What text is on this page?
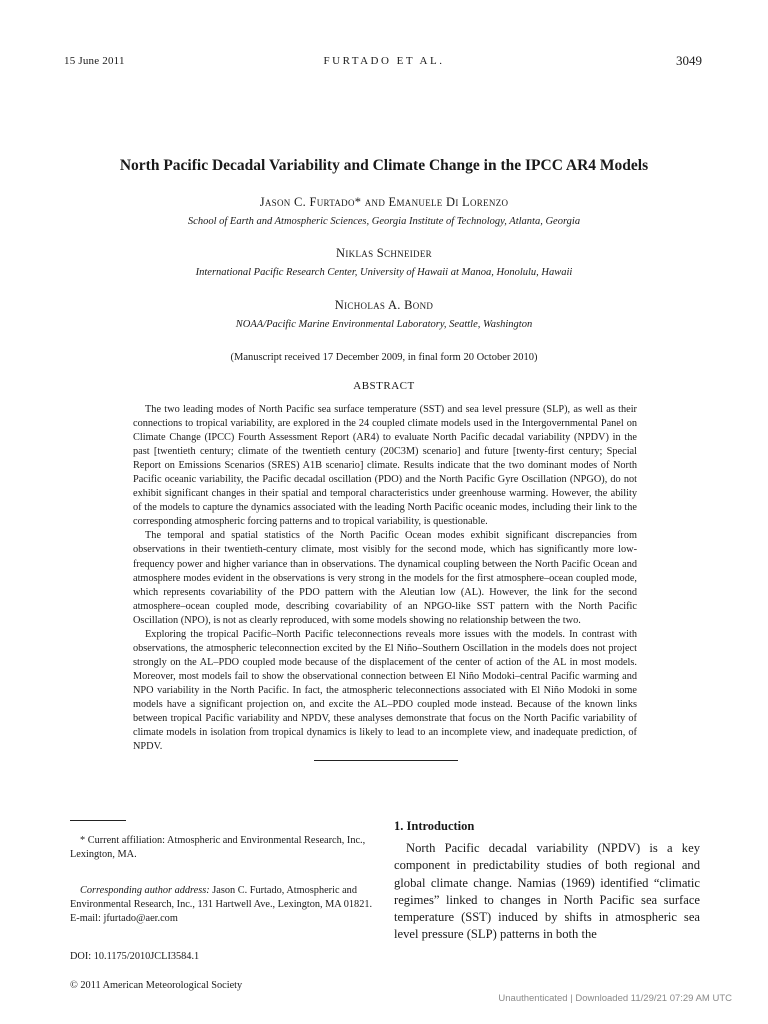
15 June 2011	FURTADO ET AL.	3049
North Pacific Decadal Variability and Climate Change in the IPCC AR4 Models
Jason C. Furtado* and Emanuele Di Lorenzo
School of Earth and Atmospheric Sciences, Georgia Institute of Technology, Atlanta, Georgia
Niklas Schneider
International Pacific Research Center, University of Hawaii at Manoa, Honolulu, Hawaii
Nicholas A. Bond
NOAA/Pacific Marine Environmental Laboratory, Seattle, Washington
(Manuscript received 17 December 2009, in final form 20 October 2010)
ABSTRACT

The two leading modes of North Pacific sea surface temperature (SST) and sea level pressure (SLP), as well as their connections to tropical variability, are explored in the 24 coupled climate models used in the Intergovernmental Panel on Climate Change (IPCC) Fourth Assessment Report (AR4) to evaluate North Pacific decadal variability (NPDV) in the past [twentieth century; climate of the twentieth century (20C3M) scenario] and future [twenty-first century; Special Report on Emissions Scenarios (SRES) A1B scenario] climate. Results indicate that the two dominant modes of North Pacific oceanic variability, the Pacific decadal oscillation (PDO) and the North Pacific Gyre Oscillation (NPGO), do not exhibit significant changes in their spatial and temporal characteristics under greenhouse warming. However, the ability of the models to capture the dynamics associated with the leading North Pacific oceanic modes, including their link to the corresponding atmospheric forcing patterns and to tropical variability, is questionable.

The temporal and spatial statistics of the North Pacific Ocean modes exhibit significant discrepancies from observations in their twentieth-century climate, most visibly for the second mode, which has significantly more low-frequency power and higher variance than in observations. The dynamical coupling between the North Pacific Ocean and atmosphere modes evident in the observations is very strong in the models for the first atmosphere–ocean coupled mode, which represents covariability of the PDO pattern with the Aleutian low (AL). However, the link for the second atmosphere–ocean coupled mode, describing covariability of an NPGO-like SST pattern with the North Pacific Oscillation (NPO), is not as clearly reproduced, with some models showing no relationship between the two.

Exploring the tropical Pacific–North Pacific teleconnections reveals more issues with the models. In contrast with observations, the atmospheric teleconnection excited by the El Niño–Southern Oscillation in the models does not project strongly on the AL–PDO coupled mode because of the displacement of the center of action of the AL in most models. Moreover, most models fail to show the observational connection between El Niño Modoki–central Pacific warming and NPO variability in the North Pacific. In fact, the atmospheric teleconnections associated with El Niño Modoki in some models have a significant projection on, and excite the AL–PDO coupled mode instead. Because of the known links between tropical Pacific variability and NPDV, these analyses demonstrate that focus on the North Pacific variability of climate models in isolation from tropical dynamics is likely to lead to an incomplete view, and inadequate prediction, of NPDV.

* Current affiliation: Atmospheric and Environmental Research, Inc., Lexington, MA.
Corresponding author address: Jason C. Furtado, Atmospheric and Environmental Research, Inc., 131 Hartwell Ave., Lexington, MA 01821.
E-mail: jfurtado@aer.com
DOI: 10.1175/2010JCLI3584.1
© 2011 American Meteorological Society
1. Introduction
North Pacific decadal variability (NPDV) is a key component in predictability studies of both regional and global climate change. Namias (1969) identified “climatic regimes” linked to changes in North Pacific sea surface temperature (SST) induced by shifts in atmospheric sea level pressure (SLP) patterns in both the
Unauthenticated | Downloaded 11/29/21 07:29 AM UTC
